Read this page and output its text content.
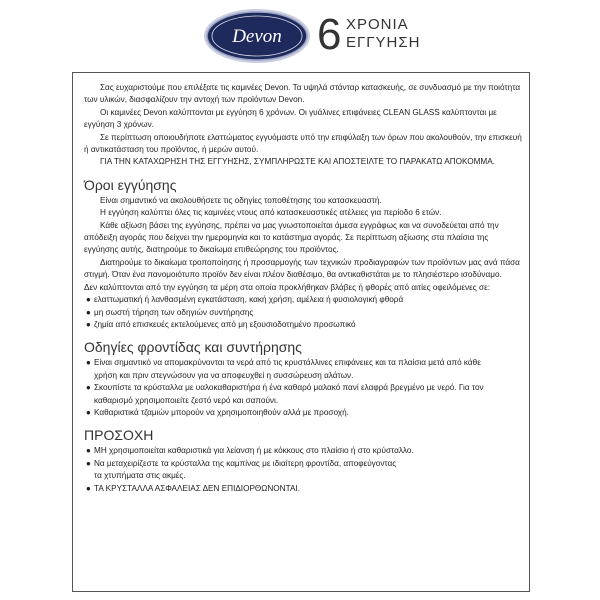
Devon 6 ΧΡΟΝΙΑ
ΕΓΓΥΗΣΗ

Σας ευχαριστούμε που επιλέξατε τις καμινέες Devon. Τα υψηλά στάνταρ κατασκευής, σε συνδυασμό με την ποιότητα των υλικών, διασφαλίζουν την αντοχή των προϊόντων Devon.

Οι καμινέες Devon καλύπτονται με εγγύηση 6 χρόνων. Οι γυάλινες επιφάνειες CLEAN GLASS καλύπτονται με εγγύηση 3 χρόνων.

Σε περίπτωση οποιουδήποτε ελαττώματος εγγυόμαστε υπό την επιφύλαξη των όρων που ακολουθούν, την επισκευή ή αντικατάσταση του προϊόντος, ή μερών αυτού.

ΓΙΑ ΤΗΝ ΚΑΤΑΧΩΡΗΣΗ ΤΗΣ ΕΓΓΥΗΣΗΣ, ΣΥΜΠΛΗΡΩΣΤΕ ΚΑΙ ΑΠΟΣΤΕΙΛΤΕ ΤΟ ΠΑΡΑΚΑΤΩ ΑΠΟΚΟΜΜΑ.

Όροι εγγύησης

Είναι σημαντικό να ακολουθήσετε τις οδηγίες τοποθέτησης του κατασκευαστή.

Η εγγύηση καλύπτει όλες τις καμινέες ντους από κατασκευαστικές ατέλειες για περίοδο 6 ετών.

Κάθε αξίωση βάσει της εγγύησης, πρέπει να μας γνωστοποιείται άμεσα εγγράφως και να συνοδεύεται από την απόδειξη αγοράς που δείχνει την ημερομηνία και το κατάστημα αγοράς. Σε περίπτωση αξίωσης στα πλαίσια της εγγύησης αυτής, διατηρούμε το δικαίωμα επιθεώρησης του προϊόντος.

Διατηρούμε το δικαίωμα τροποποίησης ή προσαρμογής των τεχνικών προδιαγραφών των προϊόντων μας ανά πάσα στιγμή. Όταν ένα πανομοιότυπο προϊόν δεν είναι πλέον διαθέσιμο, θα αντικαθιστάται με το πλησιέστερο ισοδύναμο.

Δεν καλύπτονται από την εγγύηση τα μέρη στα οποία προκλήθηκαν βλάβες ή φθορές από αιτίες οφειλόμενες σε:

● ελαττωματική ή λανθασμένη εγκατάσταση, κακή χρήση, αμέλεια ή φυσιολογική φθορά

● μη σωστή τήρηση των οδηγιών συντήρησης

● ζημία από επισκευές εκτελούμενες από μη εξουσιοδοτημένο προσωπικό

Οδηγίες φροντίδας και συντήρησης

● Είναι σημαντικό να απομακρύνονται τα νερά από τις κρυστάλλινες επιφάνειες και τα πλαίσια μετά από κάθε

χρήση και πριν στεγνώσουν για να αποφευχθεί η συσσώρευση αλάτων.

● Σκουπίστε τα κρύσταλλα με υαλοκαθαριστήρα ή ένα καθαρό μαλακό πανί ελαφρά βρεγμένο με νερό. Για τον

καθαρισμό χρησιμοποιείτε ζεστό νερό και σαπούνι.

● Καθαριστικά τζαμιών μπορούν να χρησιμοποιηθούν αλλά με προσοχή.

ΠΡΟΣΟΧΗ

● ΜΗ χρησιμοποιείται καθαριστικά για λείανση ή με κόκκους στο πλαίσιο ή στο κρύσταλλο.

● Να μεταχειρίζεστε τα κρύσταλλα της καμπίνας με ιδιαίτερη φροντίδα, αποφεύγοντας

τα χτυπήματα στις ακμές.

● ΤΑ ΚΡΥΣΤΑΛΛΑ ΑΣΦΑΛΕΙΑΣ ΔΕΝ ΕΠΙΔΙΟΡΘΩΝΟΝΤΑΙ.
